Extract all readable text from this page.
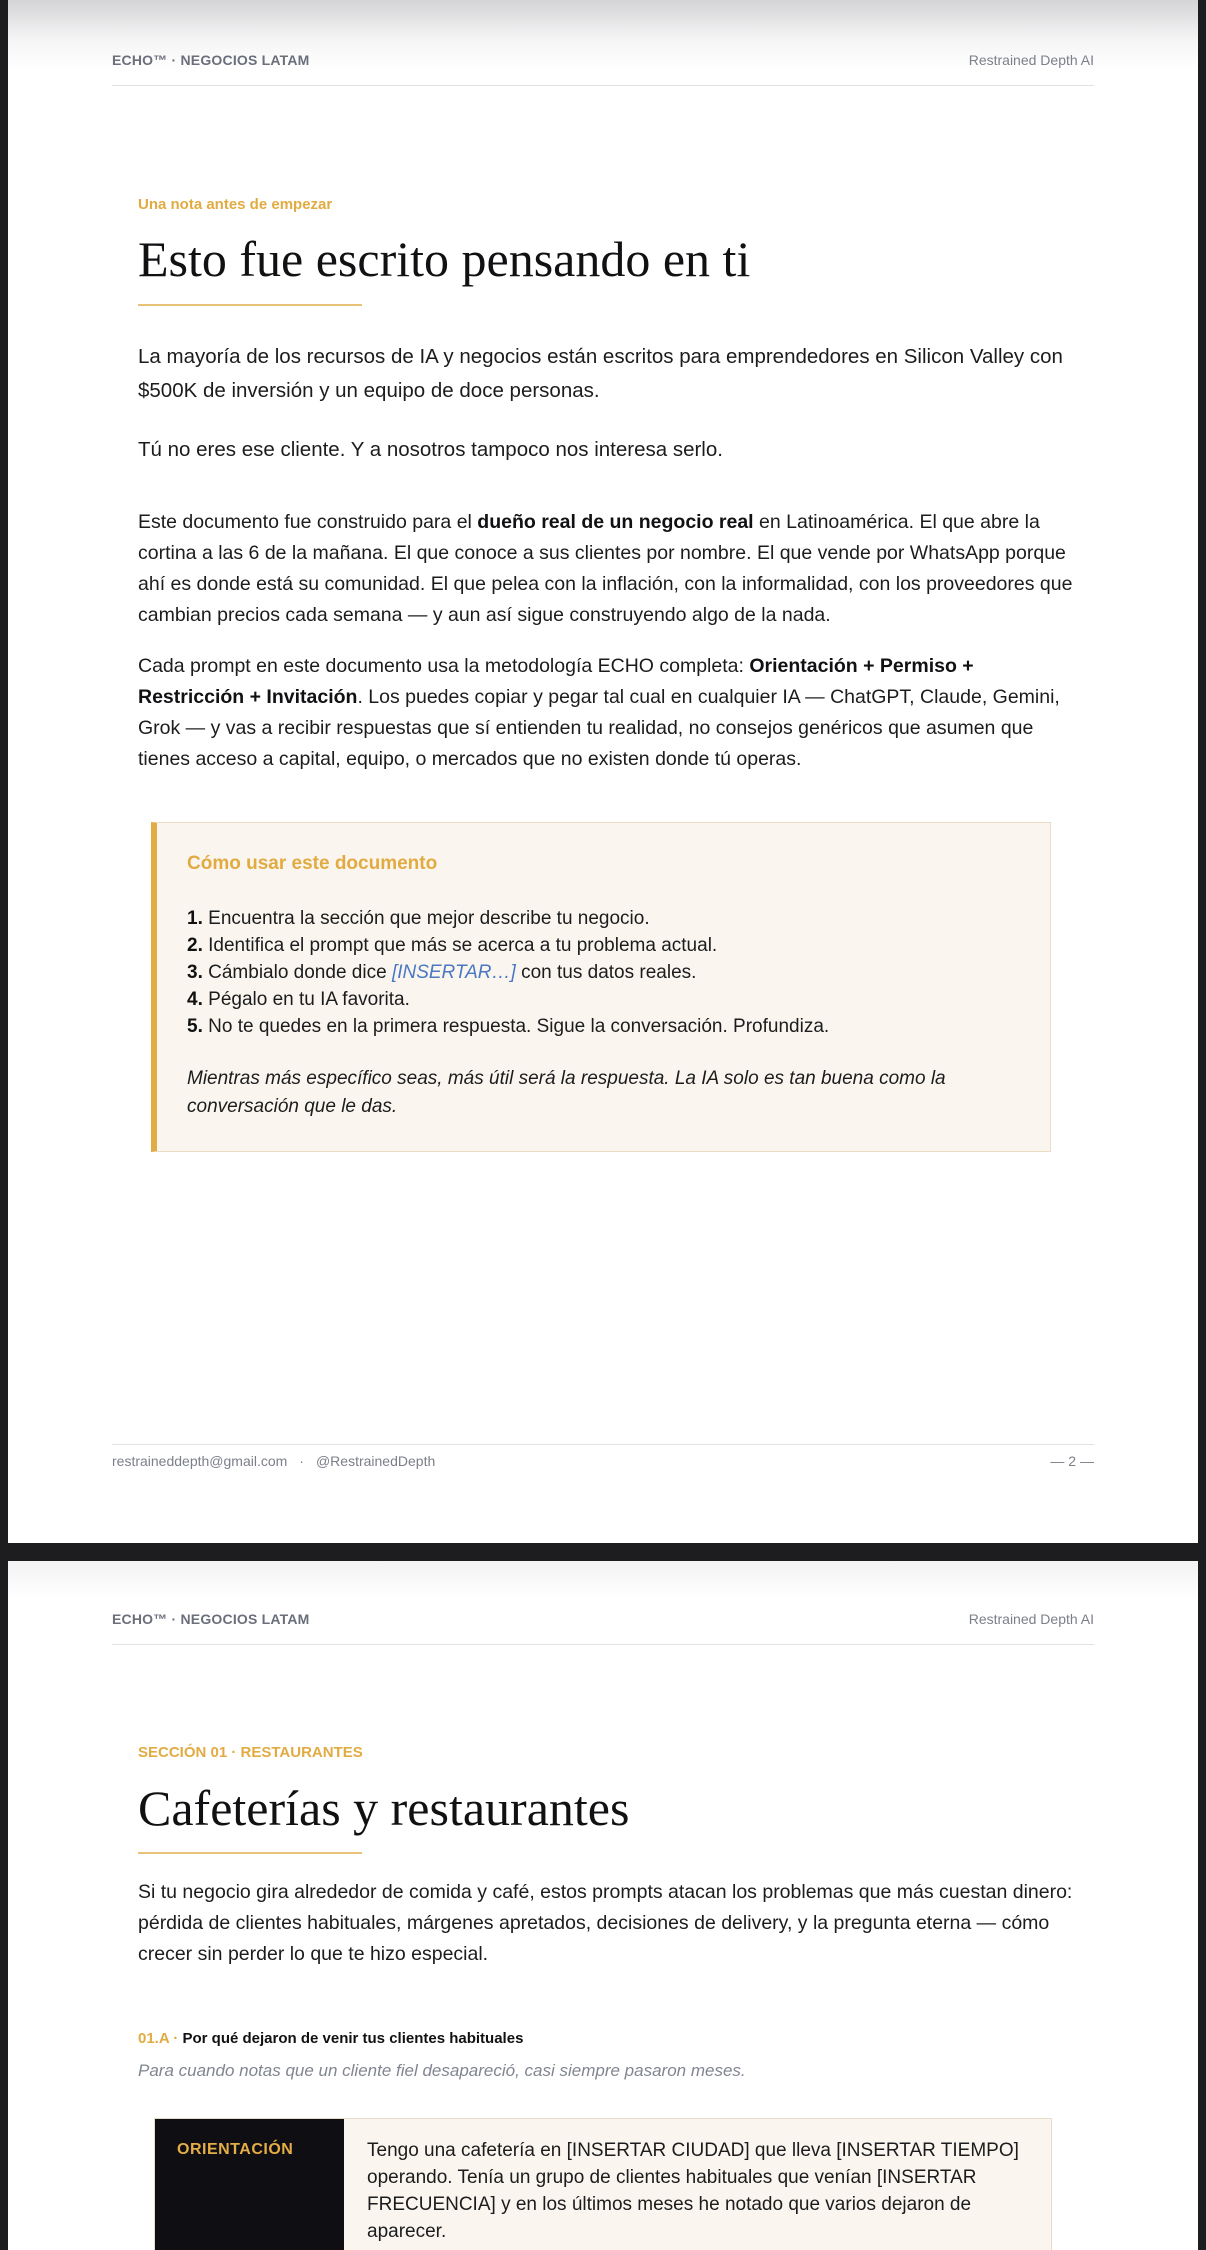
ECHO™ · NEGOCIOS LATAM	Restrained Depth AI
Una nota antes de empezar
Esto fue escrito pensando en ti

La mayoría de los recursos de IA y negocios están escritos para emprendedores en Silicon Valley con $500K de inversión y un equipo de doce personas.

Tú no eres ese cliente. Y a nosotros tampoco nos interesa serlo.

Este documento fue construido para el dueño real de un negocio real en Latinoamérica. El que abre la cortina a las 6 de la mañana. El que conoce a sus clientes por nombre. El que vende por WhatsApp porque ahí es donde está su comunidad. El que pelea con la inflación, con la informalidad, con los proveedores que cambian precios cada semana — y aun así sigue construyendo algo de la nada.

Cada prompt en este documento usa la metodología ECHO completa: Orientación + Permiso + Restricción + Invitación. Los puedes copiar y pegar tal cual en cualquier IA — ChatGPT, Claude, Gemini, Grok — y vas a recibir respuestas que sí entienden tu realidad, no consejos genéricos que asumen que tienes acceso a capital, equipo, o mercados que no existen donde tú operas.

Cómo usar este documento
1. Encuentra la sección que mejor describe tu negocio.
2. Identifica el prompt que más se acerca a tu problema actual.
3. Cámbialo donde dice [INSERTAR…] con tus datos reales.
4. Pégalo en tu IA favorita.
5. No te quedes en la primera respuesta. Sigue la conversación. Profundiza.

Mientras más específico seas, más útil será la respuesta. La IA solo es tan buena como la conversación que le das.

restraineddepth@gmail.com · @RestrainedDepth	— 2 —
ECHO™ · NEGOCIOS LATAM	Restrained Depth AI
SECCIÓN 01 · RESTAURANTES
Cafeterías y restaurantes

Si tu negocio gira alrededor de comida y café, estos prompts atacan los problemas que más cuestan dinero: pérdida de clientes habituales, márgenes apretados, decisiones de delivery, y la pregunta eterna — cómo crecer sin perder lo que te hizo especial.

01.A · Por qué dejaron de venir tus clientes habituales
Para cuando notas que un cliente fiel desapareció, casi siempre pasaron meses.
ORIENTACIÓN	Tengo una cafetería en [INSERTAR CIUDAD] que lleva [INSERTAR TIEMPO] operando. Tenía un grupo de clientes habituales que venían [INSERTAR FRECUENCIA] y en los últimos meses he notado que varios dejaron de aparecer.
